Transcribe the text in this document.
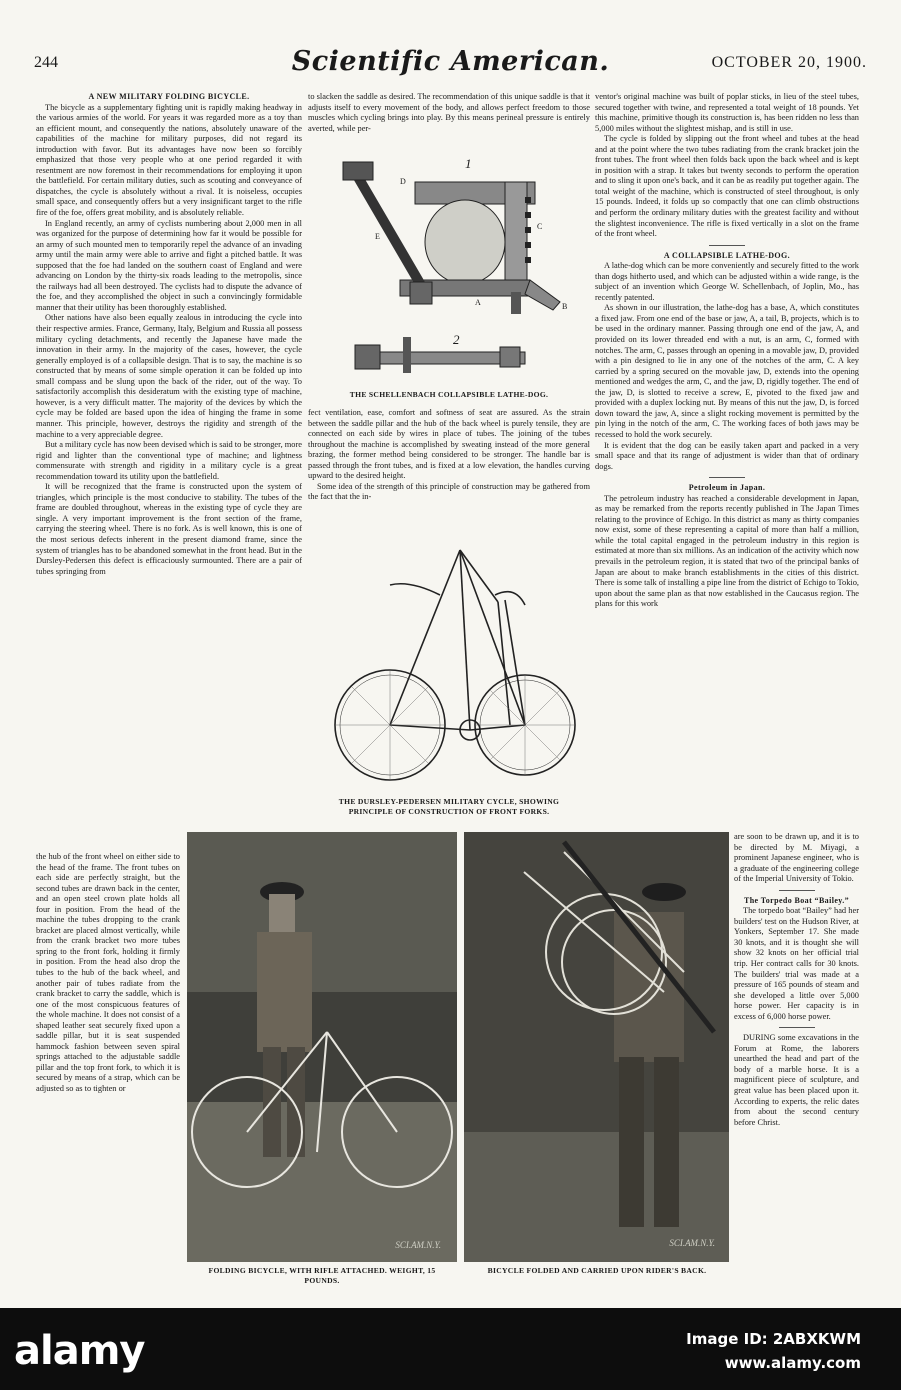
244	Scientific American.	OCTOBER 20, 1900.

A NEW MILITARY FOLDING BICYCLE.

The bicycle as a supplementary fighting unit is rapidly making headway in the various armies of the world. For years it was regarded more as a toy than an efficient mount, and consequently the nations, absolutely unaware of the capabilities of the machine for military purposes, did not regard its introduction with favor. But its advantages have now been so forcibly emphasized that those very people who at one period regarded it with resentment are now foremost in their recommendations for employing it upon the battlefield. For certain military duties, such as scouting and conveyance of dispatches, the cycle is absolutely without a rival. It is noiseless, occupies small space, and consequently offers but a very insignificant target to the rifle fire of the foe, offers great mobility, and is absolutely reliable.

In England recently, an army of cyclists numbering about 2,000 men in all was organized for the purpose of determining how far it would be possible for an army of such mounted men to temporarily repel the advance of an invading army until the main army were able to arrive and fight a pitched battle. It was supposed that the foe had landed on the southern coast of England and were advancing on London by the thirty-six roads leading to the metropolis, since the railways had all been destroyed. The cyclists had to dispute the advance of the foe, and they accomplished the object in such a convincingly formidable manner that their utility has been thoroughly established.

Other nations have also been equally zealous in introducing the cycle into their respective armies. France, Germany, Italy, Belgium and Russia all possess military cycling detachments, and recently the Japanese have made the innovation in their army. In the majority of the cases, however, the cycle generally employed is of a collapsible design. That is to say, the machine is so constructed that by means of some simple operation it can be folded up into small compass and be slung upon the back of the rider, out of the way. To satisfactorily accomplish this desideratum with the existing type of machine, however, is a very difficult matter. The majority of the devices by which the cycle may be folded are based upon the idea of hinging the frame in some manner. This principle, however, destroys the rigidity and strength of the machine to a very appreciable degree.

But a military cycle has now been devised which is said to be stronger, more rigid and lighter than the conventional type of machine; and lightness commensurate with strength and rigidity in a military cycle is a great recommendation toward its utility upon the battlefield.

It will be recognized that the frame is constructed upon the system of triangles, which principle is the most conducive to stability. The tubes of the frame are doubled throughout, whereas in the existing type of cycle they are single. A very important improvement is the front section of the frame, carrying the steering wheel. There is no fork. As is well known, this is one of the most serious defects inherent in the present diamond frame, since the system of triangles has to be abandoned somewhat in the front head. But in the Dursley-Pedersen this defect is efficaciously surmounted. There are a pair of tubes springing from

the hub of the front wheel on either side to the head of the frame. The front tubes on each side are perfectly straight, but the second tubes are drawn back in the center, and an open steel crown plate holds all four in position. From the head of the machine the tubes dropping to the crank bracket are placed almost vertically, while from the crank bracket two more tubes spring to the front fork, holding it firmly in position. From the head also drop the tubes to the hub of the back wheel, and another pair of tubes radiate from the crank bracket to carry the saddle, which is one of the most conspicuous features of the whole machine. It does not consist of a shaped leather seat securely fixed upon a saddle pillar, but it is seat suspended hammock fashion between seven spiral springs attached to the adjustable saddle pillar and the top front fork, to which it is secured by means of a strap, which can be adjusted so as to tighten or

to slacken the saddle as desired. The recommendation of this unique saddle is that it adjusts itself to every movement of the body, and allows perfect freedom to those muscles which cycling brings into play. By this means perineal pressure is entirely averted, while per-

1
2
D
E
C
B
A
THE SCHELLENBACH COLLAPSIBLE LATHE-DOG.

fect ventilation, ease, comfort and softness of seat are assured. As the strain between the saddle pillar and the hub of the back wheel is purely tensile, they are connected on each side by wires in place of tubes. The joining of the tubes throughout the machine is accomplished by sweating instead of the more general brazing, the former method being considered to be stronger. The handle bar is passed through the front tubes, and is fixed at a low elevation, the handles curving upward to the desired height.

Some idea of the strength of this principle of construction may be gathered from the fact that the in-

THE DURSLEY-PEDERSEN MILITARY CYCLE, SHOWING PRINCIPLE OF CONSTRUCTION OF FRONT FORKS.
SCI.AM.N.Y.
FOLDING BICYCLE, WITH RIFLE ATTACHED. WEIGHT, 15 POUNDS.
SCI.AM.N.Y.
BICYCLE FOLDED AND CARRIED UPON RIDER'S BACK.

ventor's original machine was built of poplar sticks, in lieu of the steel tubes, secured together with twine, and represented a total weight of 18 pounds. Yet this machine, primitive though its construction is, has been ridden no less than 5,000 miles without the slightest mishap, and is still in use.

The cycle is folded by slipping out the front wheel and tubes at the head and at the point where the two tubes radiating from the crank bracket join the front tubes. The front wheel then folds back upon the back wheel and is kept in position with a strap. It takes but twenty seconds to perform the operation and to sling it upon one's back, and it can be as readily put together again. The total weight of the machine, which is constructed of steel throughout, is only 15 pounds. Indeed, it folds up so compactly that one can climb obstructions and perform the ordinary military duties with the greatest facility and without the slightest inconvenience. The rifle is fixed vertically in a slot on the frame of the front wheel.

A COLLAPSIBLE LATHE-DOG.

A lathe-dog which can be more conveniently and securely fitted to the work than dogs hitherto used, and which can be adjusted within a wide range, is the subject of an invention which George W. Schellenbach, of Joplin, Mo., has recently patented.

As shown in our illustration, the lathe-dog has a base, A, which constitutes a fixed jaw. From one end of the base or jaw, A, a tail, B, projects, which is to be used in the ordinary manner. Passing through one end of the jaw, A, and provided on its lower threaded end with a nut, is an arm, C, formed with notches. The arm, C, passes through an opening in a movable jaw, D, provided with a pin designed to lie in any one of the notches of the arm, C. A key carried by a spring secured on the movable jaw, D, extends into the opening mentioned and wedges the arm, C, and the jaw, D, rigidly together. The end of the jaw, D, is slotted to receive a screw, E, pivoted to the fixed jaw and provided with a duplex locking nut. By means of this nut the jaw, D, is forced down toward the jaw, A, since a slight rocking movement is permitted by the pin lying in the notch of the arm, C. The working faces of both jaws may be recessed to hold the work securely.

It is evident that the dog can be easily taken apart and packed in a very small space and that its range of adjustment is wider than that of ordinary dogs.

Petroleum in Japan.

The petroleum industry has reached a considerable development in Japan, as may be remarked from the reports recently published in The Japan Times relating to the province of Echigo. In this district as many as thirty companies now exist, some of these representing a capital of more than half a million, while the total capital engaged in the petroleum industry in this region is estimated at more than six millions. As an indication of the activity which now prevails in the petroleum region, it is stated that two of the principal banks of Japan are about to make branch establishments in the cities of this district. There is some talk of installing a pipe line from the district of Echigo to Tokio, upon about the same plan as that now established in the Caucasus region. The plans for this work

are soon to be drawn up, and it is to be directed by M. Miyagi, a prominent Japanese engineer, who is a graduate of the engineering college of the Imperial University of Tokio.

The Torpedo Boat “Bailey.”

The torpedo boat “Bailey” had her builders' test on the Hudson River, at Yonkers, September 17. She made 30 knots, and it is thought she will show 32 knots on her official trial trip. Her contract calls for 30 knots. The builders' trial was made at a pressure of 165 pounds of steam and she developed a little over 5,000 horse power. Her capacity is in excess of 6,000 horse power.

DURING some excavations in the Forum at Rome, the laborers unearthed the head and part of the body of a marble horse. It is a magnificent piece of sculpture, and great value has been placed upon it. According to experts, the relic dates from about the second century before Christ.

alamy	Image ID: 2ABXKWM
www.alamy.com
